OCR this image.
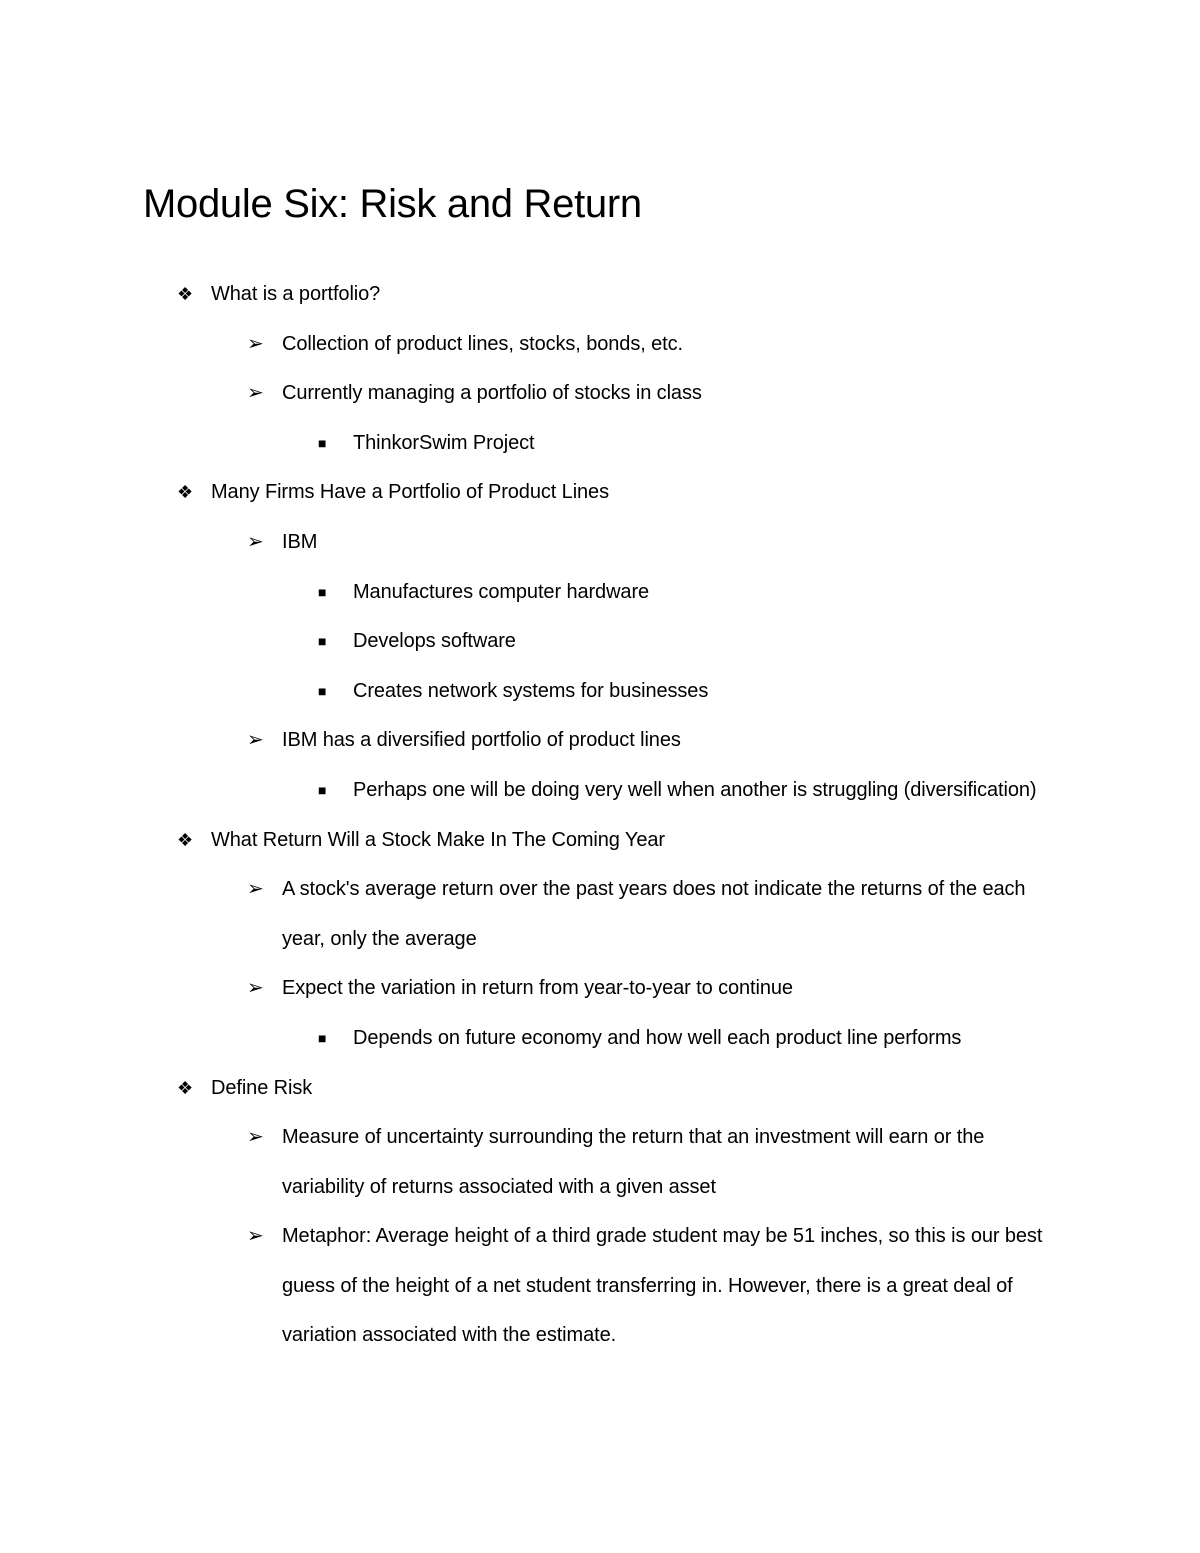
Module Six: Risk and Return
❖ What is a portfolio?
➢ Collection of product lines, stocks, bonds, etc.
➢ Currently managing a portfolio of stocks in class
■ ThinkorSwim Project
❖ Many Firms Have a Portfolio of Product Lines
➢ IBM
■ Manufactures computer hardware
■ Develops software
■ Creates network systems for businesses
➢ IBM has a diversified portfolio of product lines
■ Perhaps one will be doing very well when another is struggling (diversification)
❖ What Return Will a Stock Make In The Coming Year
➢ A stock's average return over the past years does not indicate the returns of the each year, only the average
➢ Expect the variation in return from year-to-year to continue
■ Depends on future economy and how well each product line performs
❖ Define Risk
➢ Measure of uncertainty surrounding the return that an investment will earn or the variability of returns associated with a given asset
➢ Metaphor: Average height of a third grade student may be 51 inches, so this is our best guess of the height of a net student transferring in. However, there is a great deal of variation associated with the estimate.
